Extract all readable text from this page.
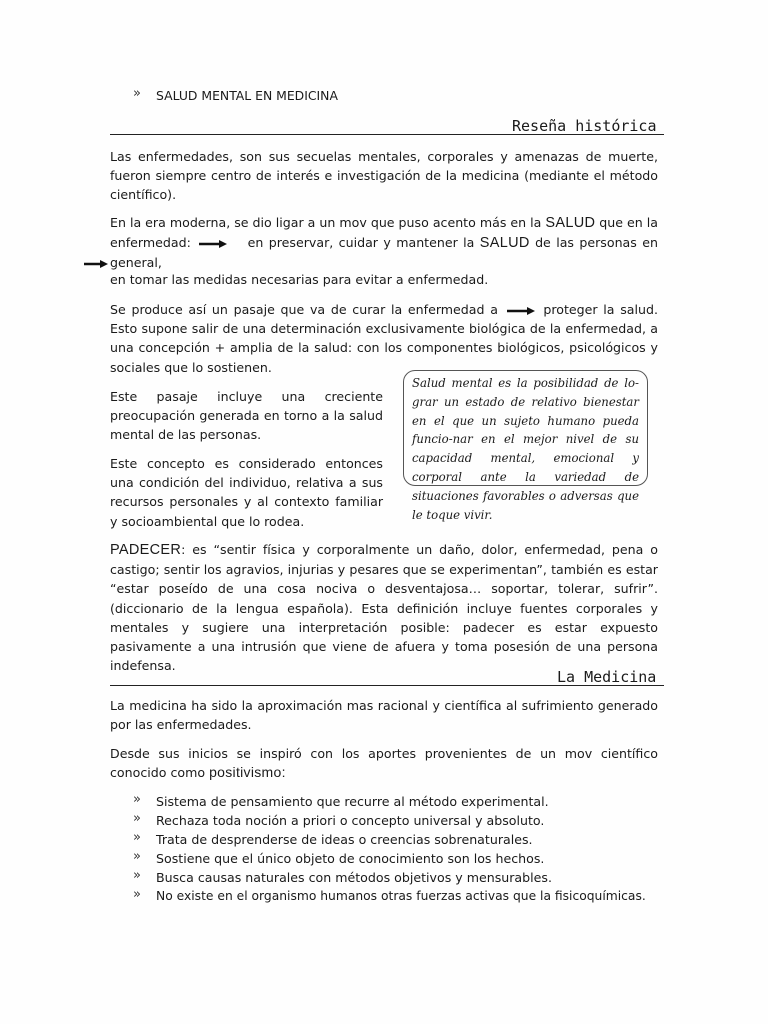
» SALUD MENTAL EN MEDICINA
Reseña histórica

Las enfermedades, son sus secuelas mentales, corporales y amenazas de muerte, fueron siempre centro de interés e investigación de la medicina (mediante el método científico).

En la era moderna, se dio ligar a un mov que puso acento más en la SALUD que en la enfermedad:	en preservar, cuidar y mantener la SALUD de las personas en general,

en tomar las medidas necesarias para evitar a enfermedad.

Se produce así un pasaje que va de curar la enfermedad a	proteger la salud. Esto supone salir de una determinación exclusivamente biológica de la enfermedad, a una concepción + amplia de la salud: con los componentes biológicos, psicológicos y sociales que lo sostienen.

Este pasaje incluye una creciente preocupación generada en torno a la salud mental de las personas.

Este concepto es considerado entonces una condición del individuo, relativa a sus recursos personales y al contexto familiar y socioambiental que lo rodea.

Salud mental es la posibilidad de lo-grar un estado de relativo bienestar en el que un sujeto humano pueda funcio-nar en el mejor nivel de su capacidad mental, emocional y corporal ante la variedad de situaciones favorables o adversas que le toque vivir.
PADECER: es “sentir física y corporalmente un daño, dolor, enfermedad, pena o castigo; sentir los agravios, injurias y pesares que se experimentan”, también es estar “estar poseído de una cosa nociva o desventajosa… soportar, tolerar, sufrir”. (diccionario de la lengua española). Esta definición incluye fuentes corporales y mentales y sugiere una interpretación posible: padecer es estar expuesto pasivamente a una intrusión que viene de afuera y toma posesión de una persona indefensa.
La Medicina

La medicina ha sido la aproximación mas racional y científica al sufrimiento generado por las enfermedades.

Desde sus inicios se inspiró con los aportes provenientes de un mov científico conocido como positivismo:
» Sistema de pensamiento que recurre al método experimental.
» Rechaza toda noción a priori o concepto universal y absoluto.
» Trata de desprenderse de ideas o creencias sobrenaturales.
» Sostiene que el único objeto de conocimiento son los hechos.
» Busca causas naturales con métodos objetivos y mensurables.
» No existe en el organismo humanos otras fuerzas activas que la fisicoquímicas.
